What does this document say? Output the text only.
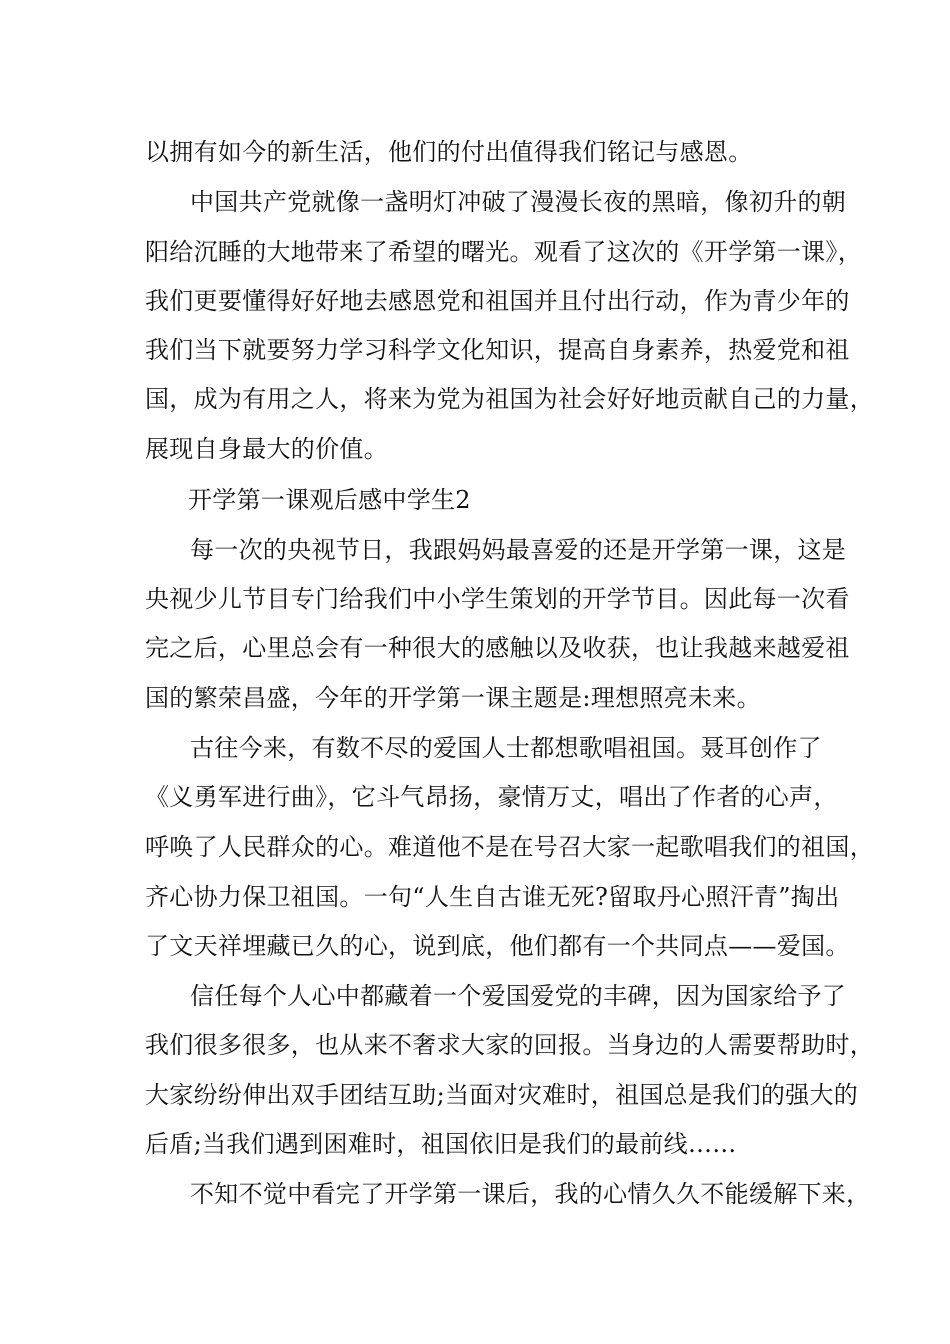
以拥有如今的新生活，他们的付出值得我们铭记与感恩。
中国共产党就像一盏明灯冲破了漫漫长夜的黑暗，像初升的朝
阳给沉睡的大地带来了希望的曙光。观看了这次的《开学第一课》，
我们更要懂得好好地去感恩党和祖国并且付出行动，作为青少年的
我们当下就要努力学习科学文化知识，提高自身素养，热爱党和祖
国，成为有用之人，将来为党为祖国为社会好好地贡献自己的力量，
展现自身最大的价值。
开学第一课观后感中学生2
每一次的央视节日，我跟妈妈最喜爱的还是开学第一课，这是
央视少儿节目专门给我们中小学生策划的开学节目。因此每一次看
完之后，心里总会有一种很大的感触以及收获，也让我越来越爱祖
国的繁荣昌盛，今年的开学第一课主题是:理想照亮未来。
古往今来，有数不尽的爱国人士都想歌唱祖国。聂耳创作了
《义勇军进行曲》，它斗气昂扬，豪情万丈，唱出了作者的心声，
呼唤了人民群众的心。难道他不是在号召大家一起歌唱我们的祖国，
齐心协力保卫祖国。一句“人生自古谁无死?留取丹心照汗青”掏出
了文天祥埋藏已久的心，说到底，他们都有一个共同点——爱国。
信任每个人心中都藏着一个爱国爱党的丰碑，因为国家给予了
我们很多很多，也从来不奢求大家的回报。当身边的人需要帮助时，
大家纷纷伸出双手团结互助;当面对灾难时，祖国总是我们的强大的
后盾;当我们遇到困难时，祖国依旧是我们的最前线……
不知不觉中看完了开学第一课后，我的心情久久不能缓解下来，
